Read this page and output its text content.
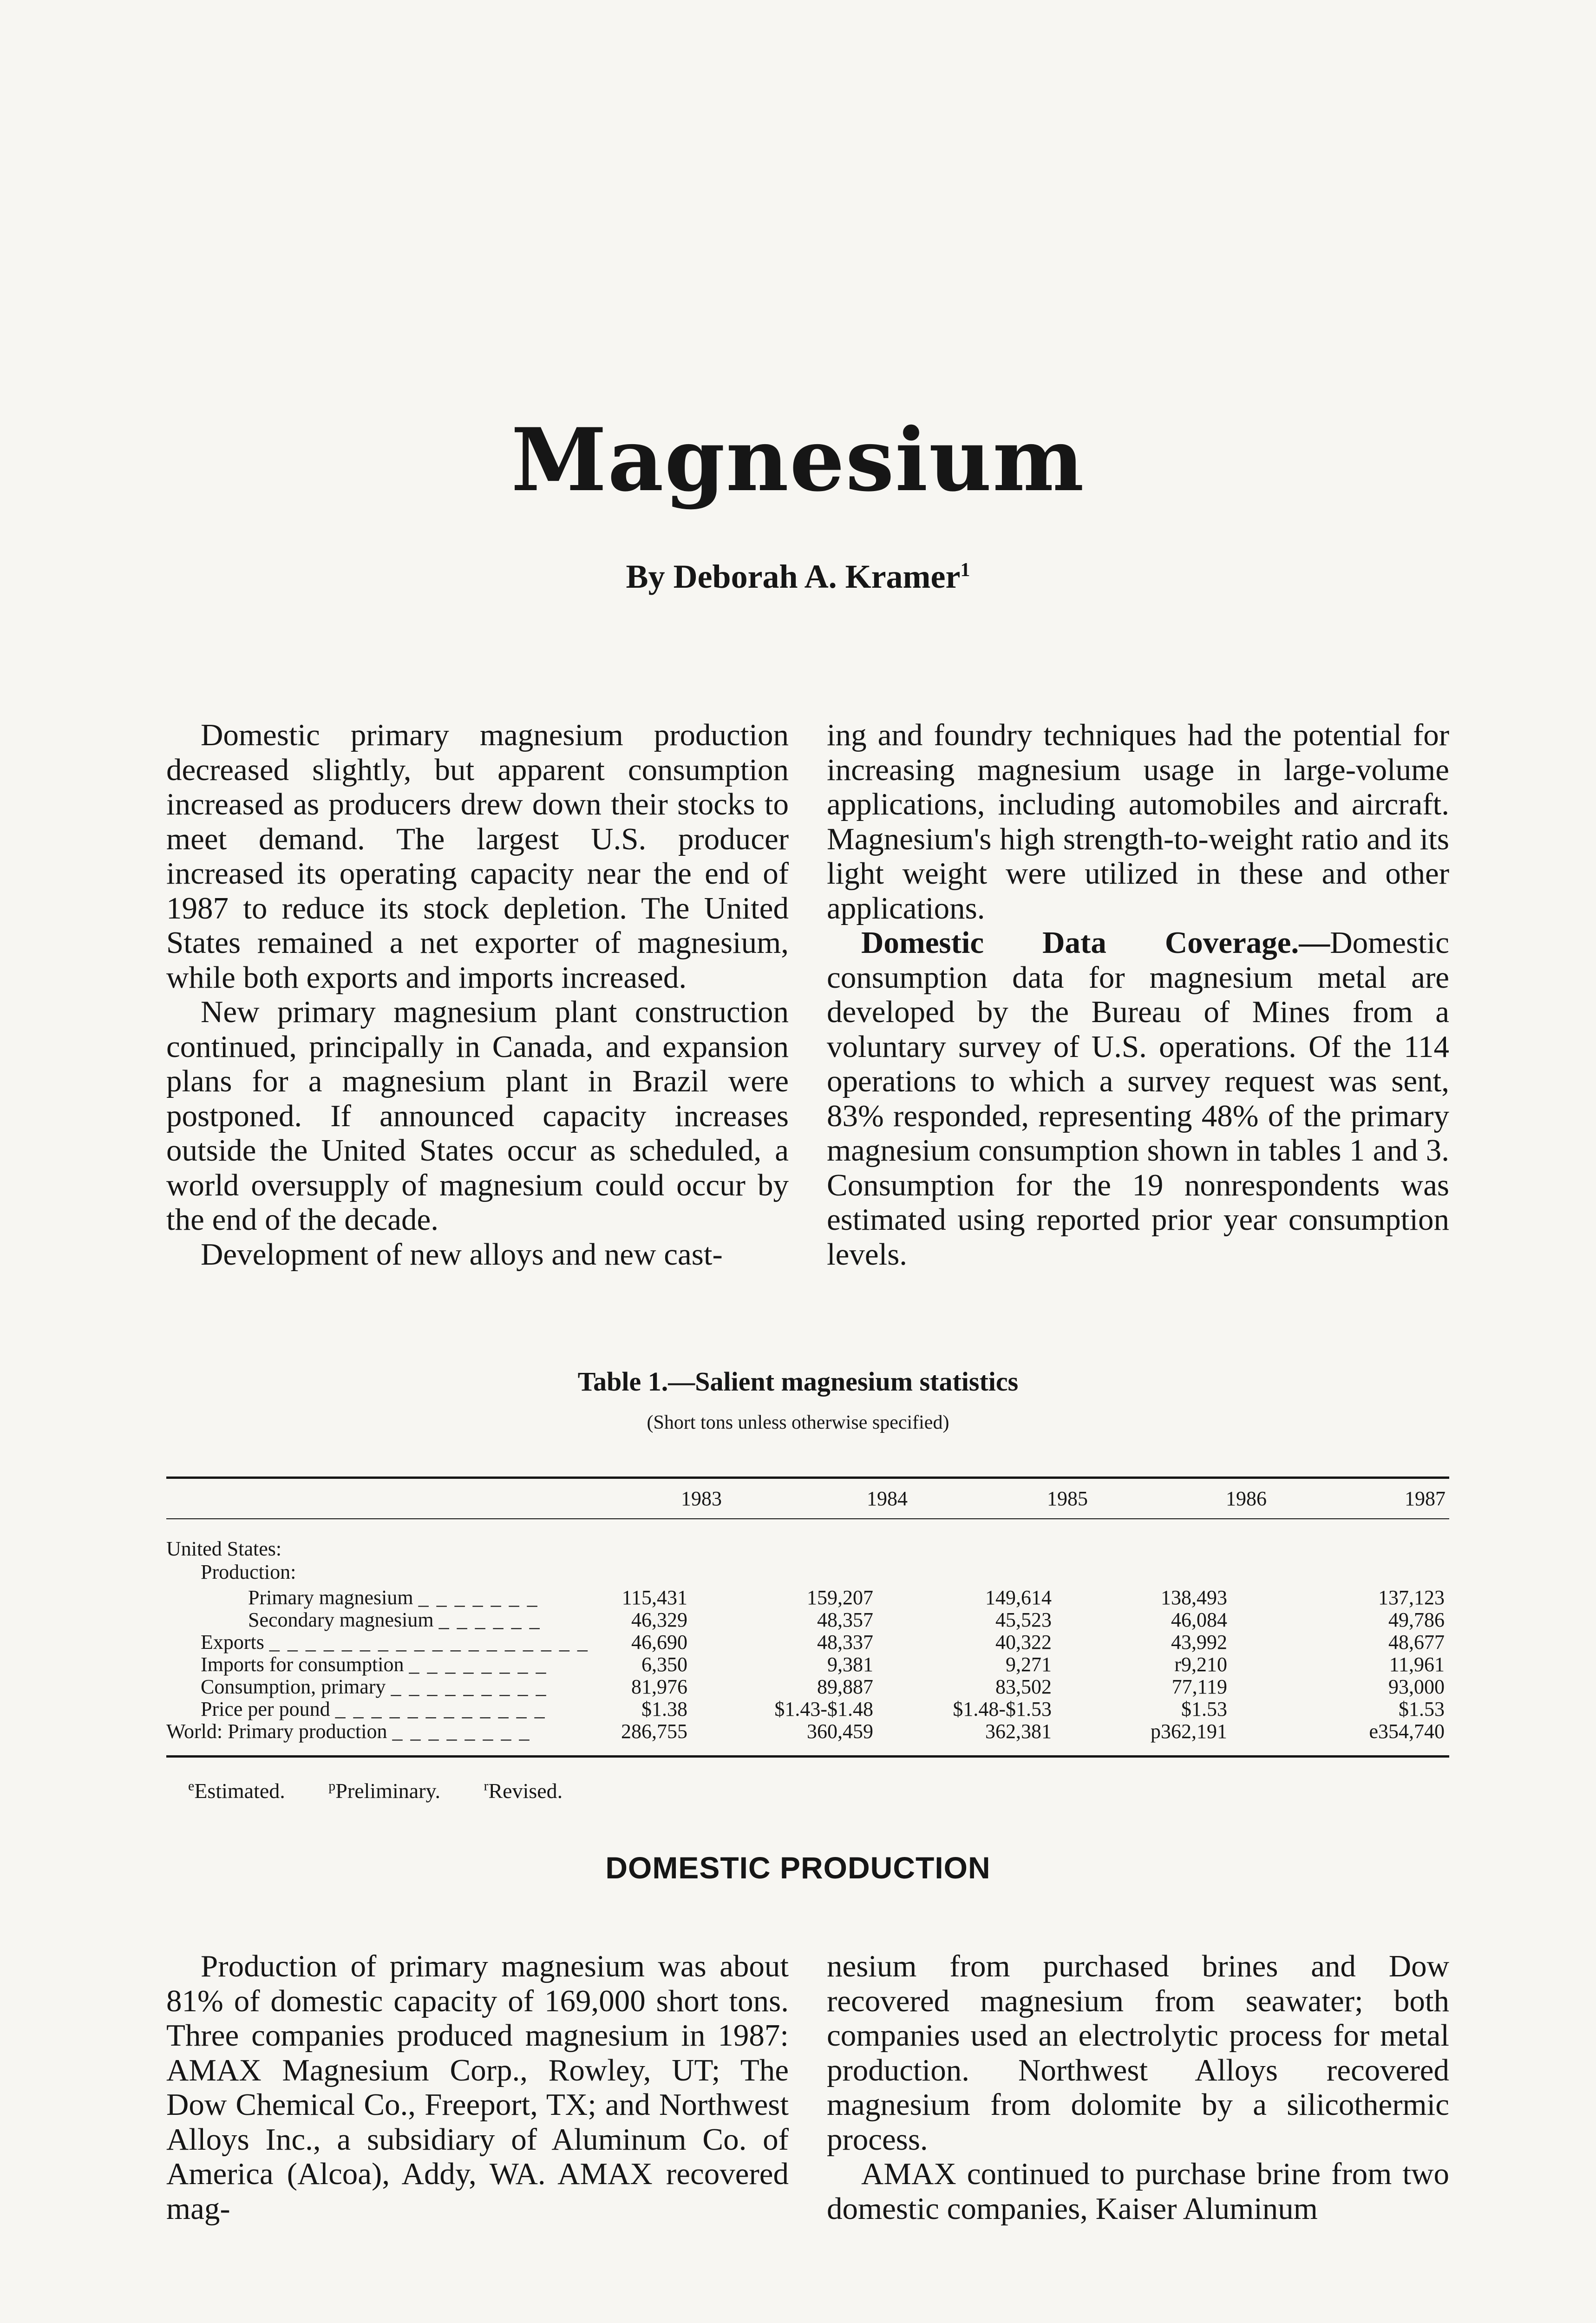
Magnesium
By Deborah A. Kramer$^1$

Domestic primary magnesium production decreased slightly, but apparent consumption increased as producers drew down their stocks to meet demand. The largest U.S. producer increased its operating capacity near the end of 1987 to reduce its stock depletion. The United States remained a net exporter of magnesium, while both exports and imports increased.

New primary magnesium plant construction continued, principally in Canada, and expansion plans for a magnesium plant in Brazil were postponed. If announced capacity increases outside the United States occur as scheduled, a world oversupply of magnesium could occur by the end of the decade.

Development of new alloys and new cast-

ing and foundry techniques had the potential for increasing magnesium usage in large-volume applications, including automobiles and aircraft. Magnesium's high strength-to-weight ratio and its light weight were utilized in these and other applications.

Domestic Data Coverage.—Domestic consumption data for magnesium metal are developed by the Bureau of Mines from a voluntary survey of U.S. operations. Of the 114 operations to which a survey request was sent, 83% responded, representing 48% of the primary magnesium consumption shown in tables 1 and 3. Consumption for the 19 nonrespondents was estimated using reported prior year consumption levels.

Table 1.—Salient magnesium statistics
(Short tons unless otherwise specified)
1983	1984	1985	1986	1987
United States:
Production:
Primary magnesium _ _ _ _ _ _ _	115,431	159,207	149,614	138,493	137,123
Secondary magnesium _ _ _ _ _ _	46,329	48,357	45,523	46,084	49,786
Exports _ _ _ _ _ _ _ _ _ _ _ _ _ _ _ _ _ _	46,690	48,337	40,322	43,992	48,677
Imports for consumption _ _ _ _ _ _ _ _	6,350	9,381	9,271	r9,210	11,961
Consumption, primary _ _ _ _ _ _ _ _ _	81,976	89,887	83,502	77,119	93,000
Price per pound _ _ _ _ _ _ _ _ _ _ _ _	$1.38	$1.43-$1.48	$1.48-$1.53	$1.53	$1.53
World: Primary production _ _ _ _ _ _ _ _	286,755	360,459	362,381	p362,191	e354,740
$^e$Estimated.	$^p$Preliminary.	$^r$Revised.
DOMESTIC PRODUCTION

Production of primary magnesium was about 81% of domestic capacity of 169,000 short tons. Three companies produced magnesium in 1987: AMAX Magnesium Corp., Rowley, UT; The Dow Chemical Co., Freeport, TX; and Northwest Alloys Inc., a subsidiary of Aluminum Co. of America (Alcoa), Addy, WA. AMAX recovered mag-

nesium from purchased brines and Dow recovered magnesium from seawater; both companies used an electrolytic process for metal production. Northwest Alloys recovered magnesium from dolomite by a silicothermic process.

AMAX continued to purchase brine from two domestic companies, Kaiser Aluminum
